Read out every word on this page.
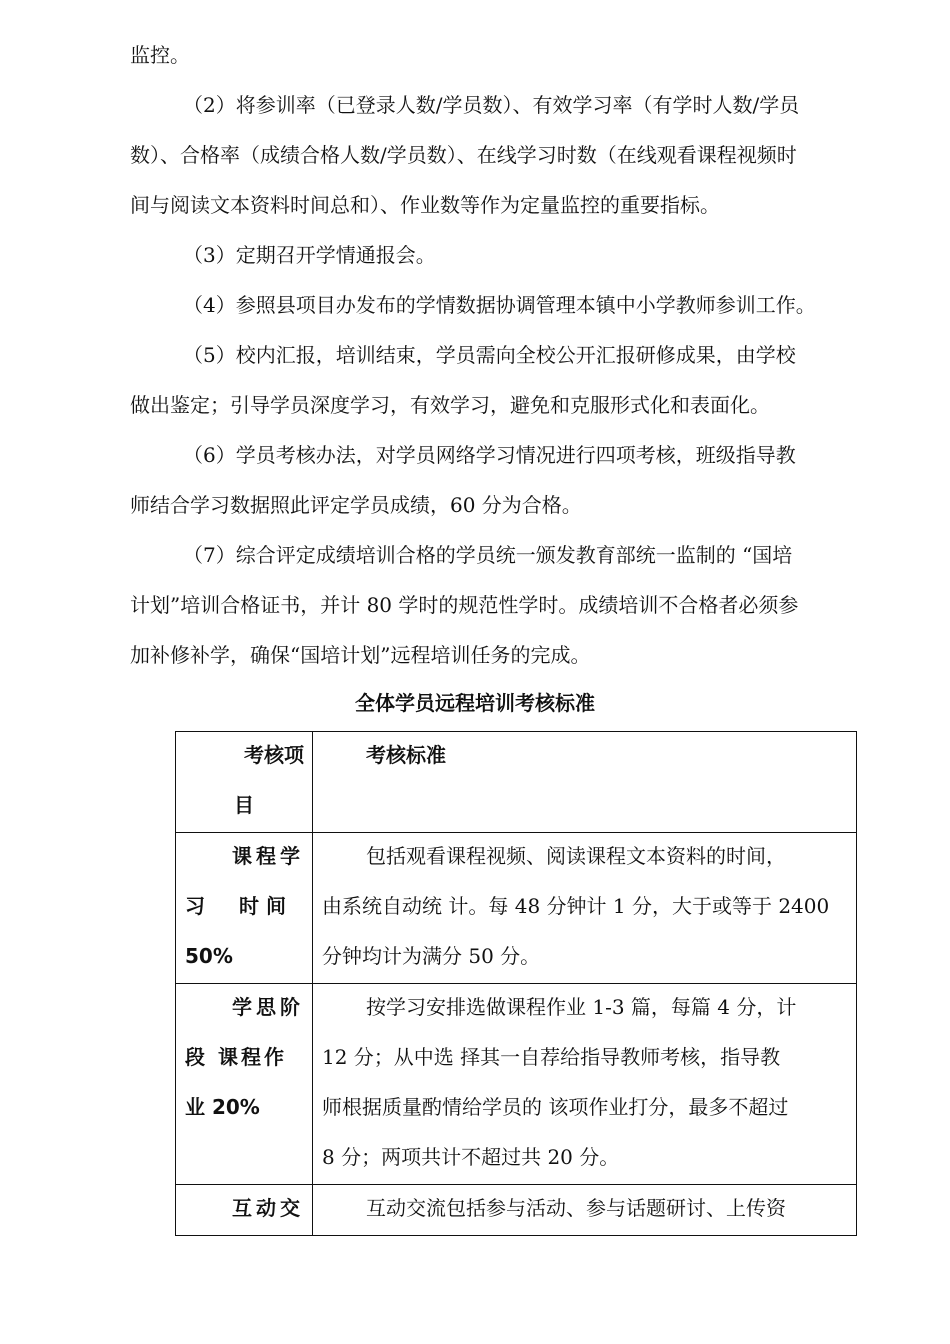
监控。
（2）将参训率（已登录人数/学员数）、有效学习率（有学时人数/学员
数）、合格率（成绩合格人数/学员数）、在线学习时数（在线观看课程视频时
间与阅读文本资料时间总和）、作业数等作为定量监控的重要指标。
（3）定期召开学情通报会。
（4）参照县项目办发布的学情数据协调管理本镇中小学教师参训工作。
（5）校内汇报，培训结束，学员需向全校公开汇报研修成果，由学校
做出鉴定；引导学员深度学习，有效学习，避免和克服形式化和表面化。
（6）学员考核办法，对学员网络学习情况进行四项考核，班级指导教
师结合学习数据照此评定学员成绩，60 分为合格。
（7）综合评定成绩培训合格的学员统一颁发教育部统一监制的 “国培
计划”培训合格证书，并计 80 学时的规范性学时。成绩培训不合格者必须参
加补修补学，确保“国培计划”远程培训任务的完成。
全体学员远程培训考核标准
考核项
目	考核标准

课程学
习　时间
50%	包括观看课程视频、阅读课程文本资料的时间，
由系统自动统 计。每 48 分钟计 1 分，大于或等于 2400
分钟均计为满分 50 分。

学思阶
段 课程作
业 20%	按学习安排选做课程作业 1-3 篇，每篇 4 分，计
12 分；从中选 择其一自荐给指导教师考核，指导教
师根据质量酌情给学员的 该项作业打分，最多不超过
8 分；两项共计不超过共 20 分。

互动交	互动交流包括参与活动、参与话题研讨、上传资
